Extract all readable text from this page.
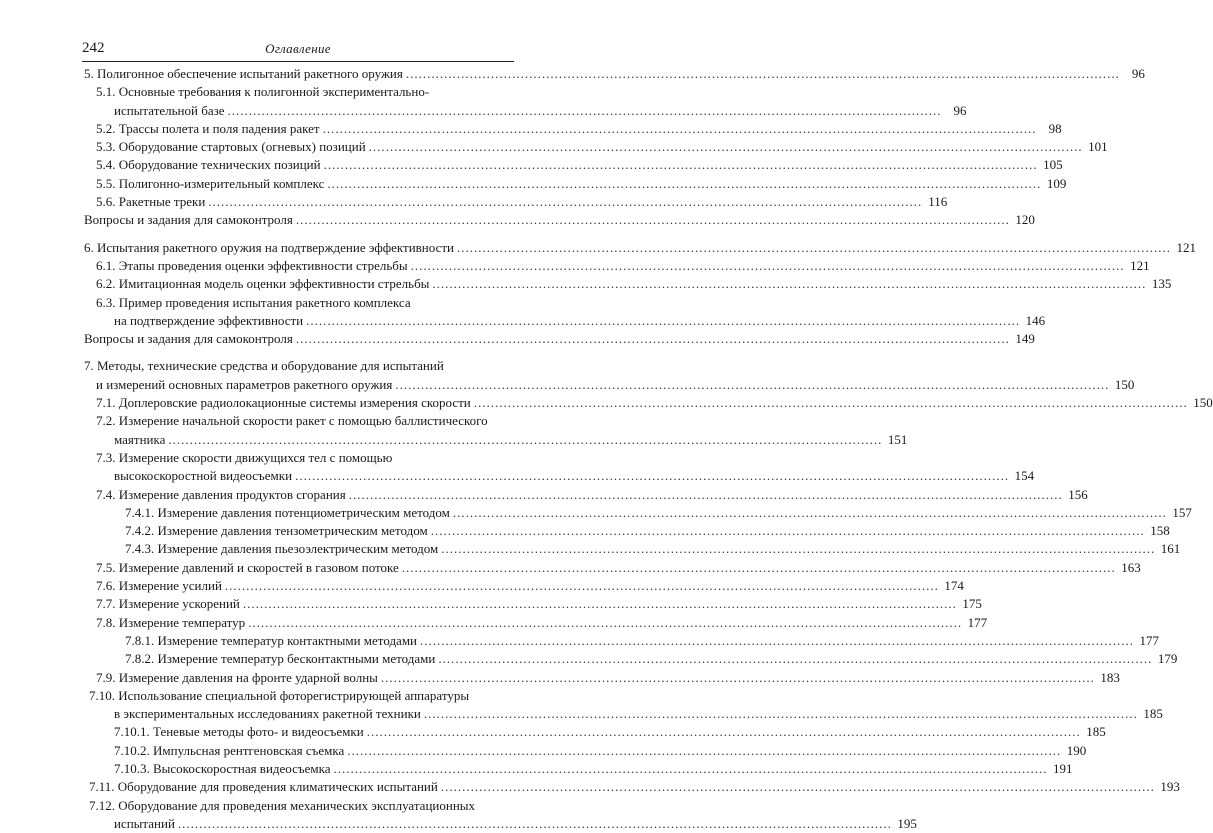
242	Оглавление
5. Полигонное обеспечение испытаний ракетного оружия ........................................................................................................................................................................ 96
5.1. Основные требования к полигонной экспериментально-
испытательной базе ........................................................................................................................................................................ 96
5.2. Трассы полета и поля падения ракет ........................................................................................................................................................................ 98
5.3. Оборудование стартовых (огневых) позиций ........................................................................................................................................................................ 101
5.4. Оборудование технических позиций ........................................................................................................................................................................ 105
5.5. Полигонно-измерительный комплекс ........................................................................................................................................................................ 109
5.6. Ракетные треки ........................................................................................................................................................................ 116
Вопросы и задания для самоконтроля ........................................................................................................................................................................ 120
6. Испытания ракетного оружия на подтверждение эффективности ........................................................................................................................................................................ 121
6.1. Этапы проведения оценки эффективности стрельбы ........................................................................................................................................................................ 121
6.2. Имитационная модель оценки эффективности стрельбы ........................................................................................................................................................................ 135
6.3. Пример проведения испытания ракетного комплекса
на подтверждение эффективности ........................................................................................................................................................................ 146
Вопросы и задания для самоконтроля ........................................................................................................................................................................ 149
7. Методы, технические средства и оборудование для испытаний
и измерений основных параметров ракетного оружия ........................................................................................................................................................................ 150
7.1. Доплеровские радиолокационные системы измерения скорости ........................................................................................................................................................................ 150
7.2. Измерение начальной скорости ракет с помощью баллистического
маятника ........................................................................................................................................................................ 151
7.3. Измерение скорости движущихся тел с помощью
высокоскоростной видеосъемки ........................................................................................................................................................................ 154
7.4. Измерение давления продуктов сгорания ........................................................................................................................................................................ 156
7.4.1. Измерение давления потенциометрическим методом ........................................................................................................................................................................ 157
7.4.2. Измерение давления тензометрическим методом ........................................................................................................................................................................ 158
7.4.3. Измерение давления пьезоэлектрическим методом ........................................................................................................................................................................ 161
7.5. Измерение давлений и скоростей в газовом потоке ........................................................................................................................................................................ 163
7.6. Измерение усилий ........................................................................................................................................................................ 174
7.7. Измерение ускорений ........................................................................................................................................................................ 175
7.8. Измерение температур ........................................................................................................................................................................ 177
7.8.1. Измерение температур контактными методами ........................................................................................................................................................................ 177
7.8.2. Измерение температур бесконтактными методами ........................................................................................................................................................................ 179
7.9. Измерение давления на фронте ударной волны ........................................................................................................................................................................ 183
7.10. Использование специальной фоторегистрирующей аппаратуры
в экспериментальных исследованиях ракетной техники ........................................................................................................................................................................ 185
7.10.1. Теневые методы фото- и видеосъемки ........................................................................................................................................................................ 185
7.10.2. Импульсная рентгеновская съемка ........................................................................................................................................................................ 190
7.10.3. Высокоскоростная видеосъемка ........................................................................................................................................................................ 191
7.11. Оборудование для проведения климатических испытаний ........................................................................................................................................................................ 193
7.12. Оборудование для проведения механических эксплуатационных
испытаний ........................................................................................................................................................................ 195
